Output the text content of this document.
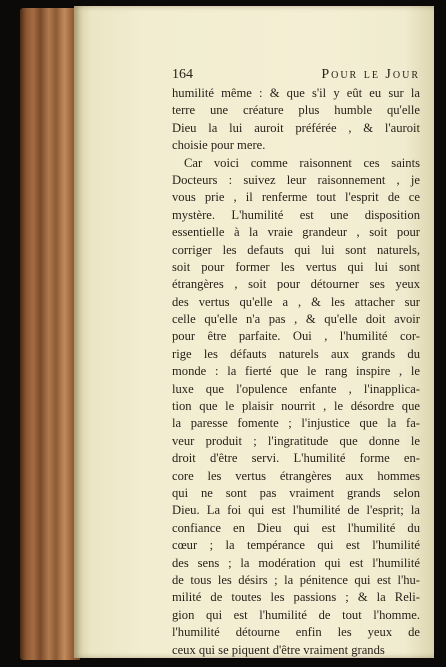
164	Pour le Jour
humilité même : & que s'il y eût eu sur la
terre une créature plus humble qu'elle
Dieu la lui auroit préférée , & l'auroit
choisie pour mere.
Car voici comme raisonnent ces saints
Docteurs : suivez leur raisonnement , je
vous prie , il renferme tout l'esprit de ce
mystère. L'humilité est une disposition
essentielle à la vraie grandeur , soit pour
corriger les defauts qui lui sont naturels,
soit pour former les vertus qui lui sont
étrangères , soit pour détourner ses yeux
des vertus qu'elle a , & les attacher sur
celle qu'elle n'a pas , & qu'elle doit avoir
pour être parfaite. Oui , l'humilité cor-
rige les défauts naturels aux grands du
monde : la fierté que le rang inspire , le
luxe que l'opulence enfante , l'inapplica-
tion que le plaisir nourrit , le désordre que
la paresse fomente ; l'injustice que la fa-
veur produit ; l'ingratitude que donne le
droit d'être servi. L'humilité forme en-
core les vertus étrangères aux hommes
qui ne sont pas vraiment grands selon
Dieu. La foi qui est l'humilité de l'esprit; la
confiance en Dieu qui est l'humilité du
cœur ; la tempérance qui est l'humilité
des sens ; la modération qui est l'humilité
de tous les désirs ; la pénitence qui est l'hu-
milité de toutes les passions ; & la Reli-
gion qui est l'humilité de tout l'homme.
l'humilité détourne enfin les yeux de
ceux qui se piquent d'être vraiment grands
